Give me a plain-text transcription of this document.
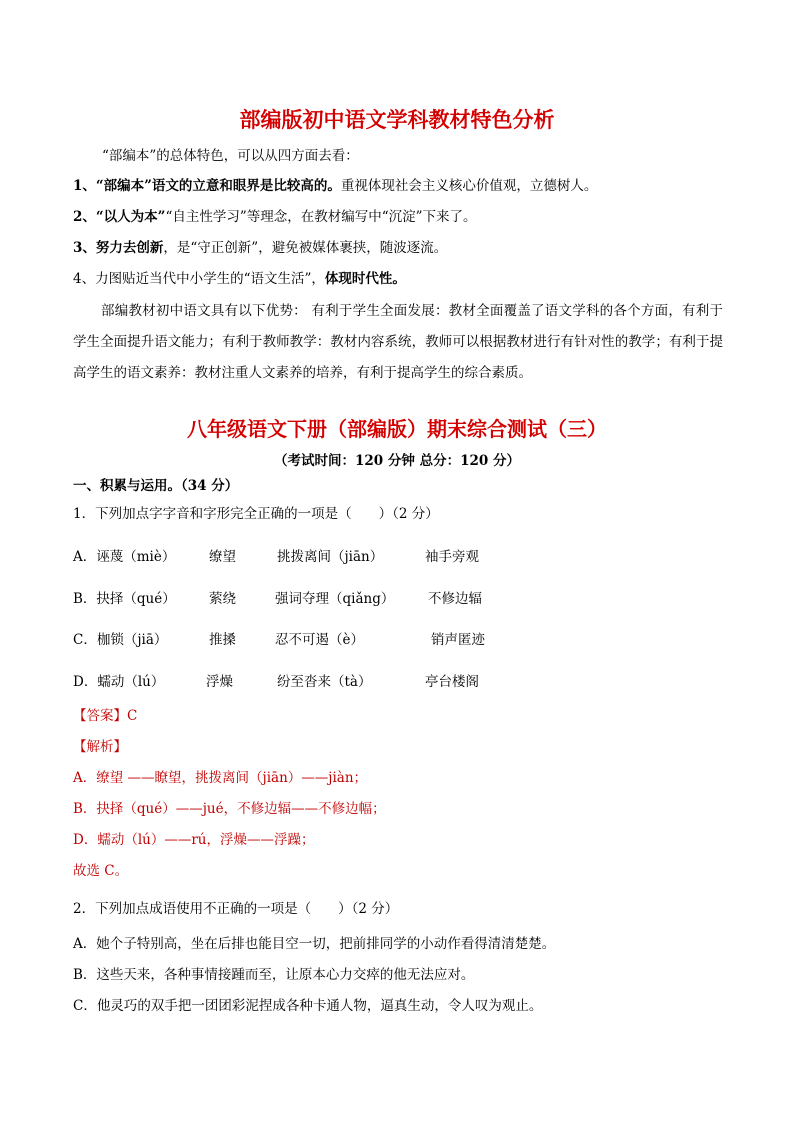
部编版初中语文学科教材特色分析
“部编本”的总体特色，可以从四方面去看：
1、“部编本”语文的立意和眼界是比较高的。重视体现社会主义核心价值观，立德树人。
2、“以人为本”“自主性学习”等理念，在教材编写中“沉淀”下来了。
3、努力去创新，是“守正创新”，避免被媒体裹挟，随波逐流。
4、力图贴近当代中小学生的“语文生活”，体现时代性。
部编教材初中语文具有以下优势： 有利于学生全面发展：教材全面覆盖了语文学科的各个方面，有利于学生全面提升语文能力；有利于教师教学：教材内容系统，教师可以根据教材进行有针对性的教学；有利于提高学生的语文素养：教材注重人文素养的培养，有利于提高学生的综合素质。
八年级语文下册（部编版）期末综合测试（三）
（考试时间：120 分钟 总分：120 分）
一、积累与运用。（34 分）
1．下列加点字字音和字形完全正确的一项是（　　）（2 分）
A．诬蔑（miè） 缭望	挑拨离间（jiān）	袖手旁观
B．抉择（qué） 萦绕	强词夺理（qiǎng） 不修边辐
C．枷锁（jiā）	推搡	忍不可遏（è）	销声匿迹
D．蠕动（lú）	浮燥	纷至沓来（tà）	亭台楼阁
【答案】C
【解析】
A．缭望 ——瞭望，挑拨离间（jiān）——jiàn；
B．抉择（qué）——jué，不修边辐——不修边幅；
D．蠕动（lú）——rú，浮燥——浮躁；
故选 C。
2．下列加点成语使用不正确的一项是（　　）（2 分）
A．她个子特别高，坐在后排也能目空一切，把前排同学的小动作看得清清楚楚。
B．这些天来，各种事情接踵而至，让原本心力交瘁的他无法应对。
C．他灵巧的双手把一团团彩泥捏成各种卡通人物，逼真生动，令人叹为观止。
